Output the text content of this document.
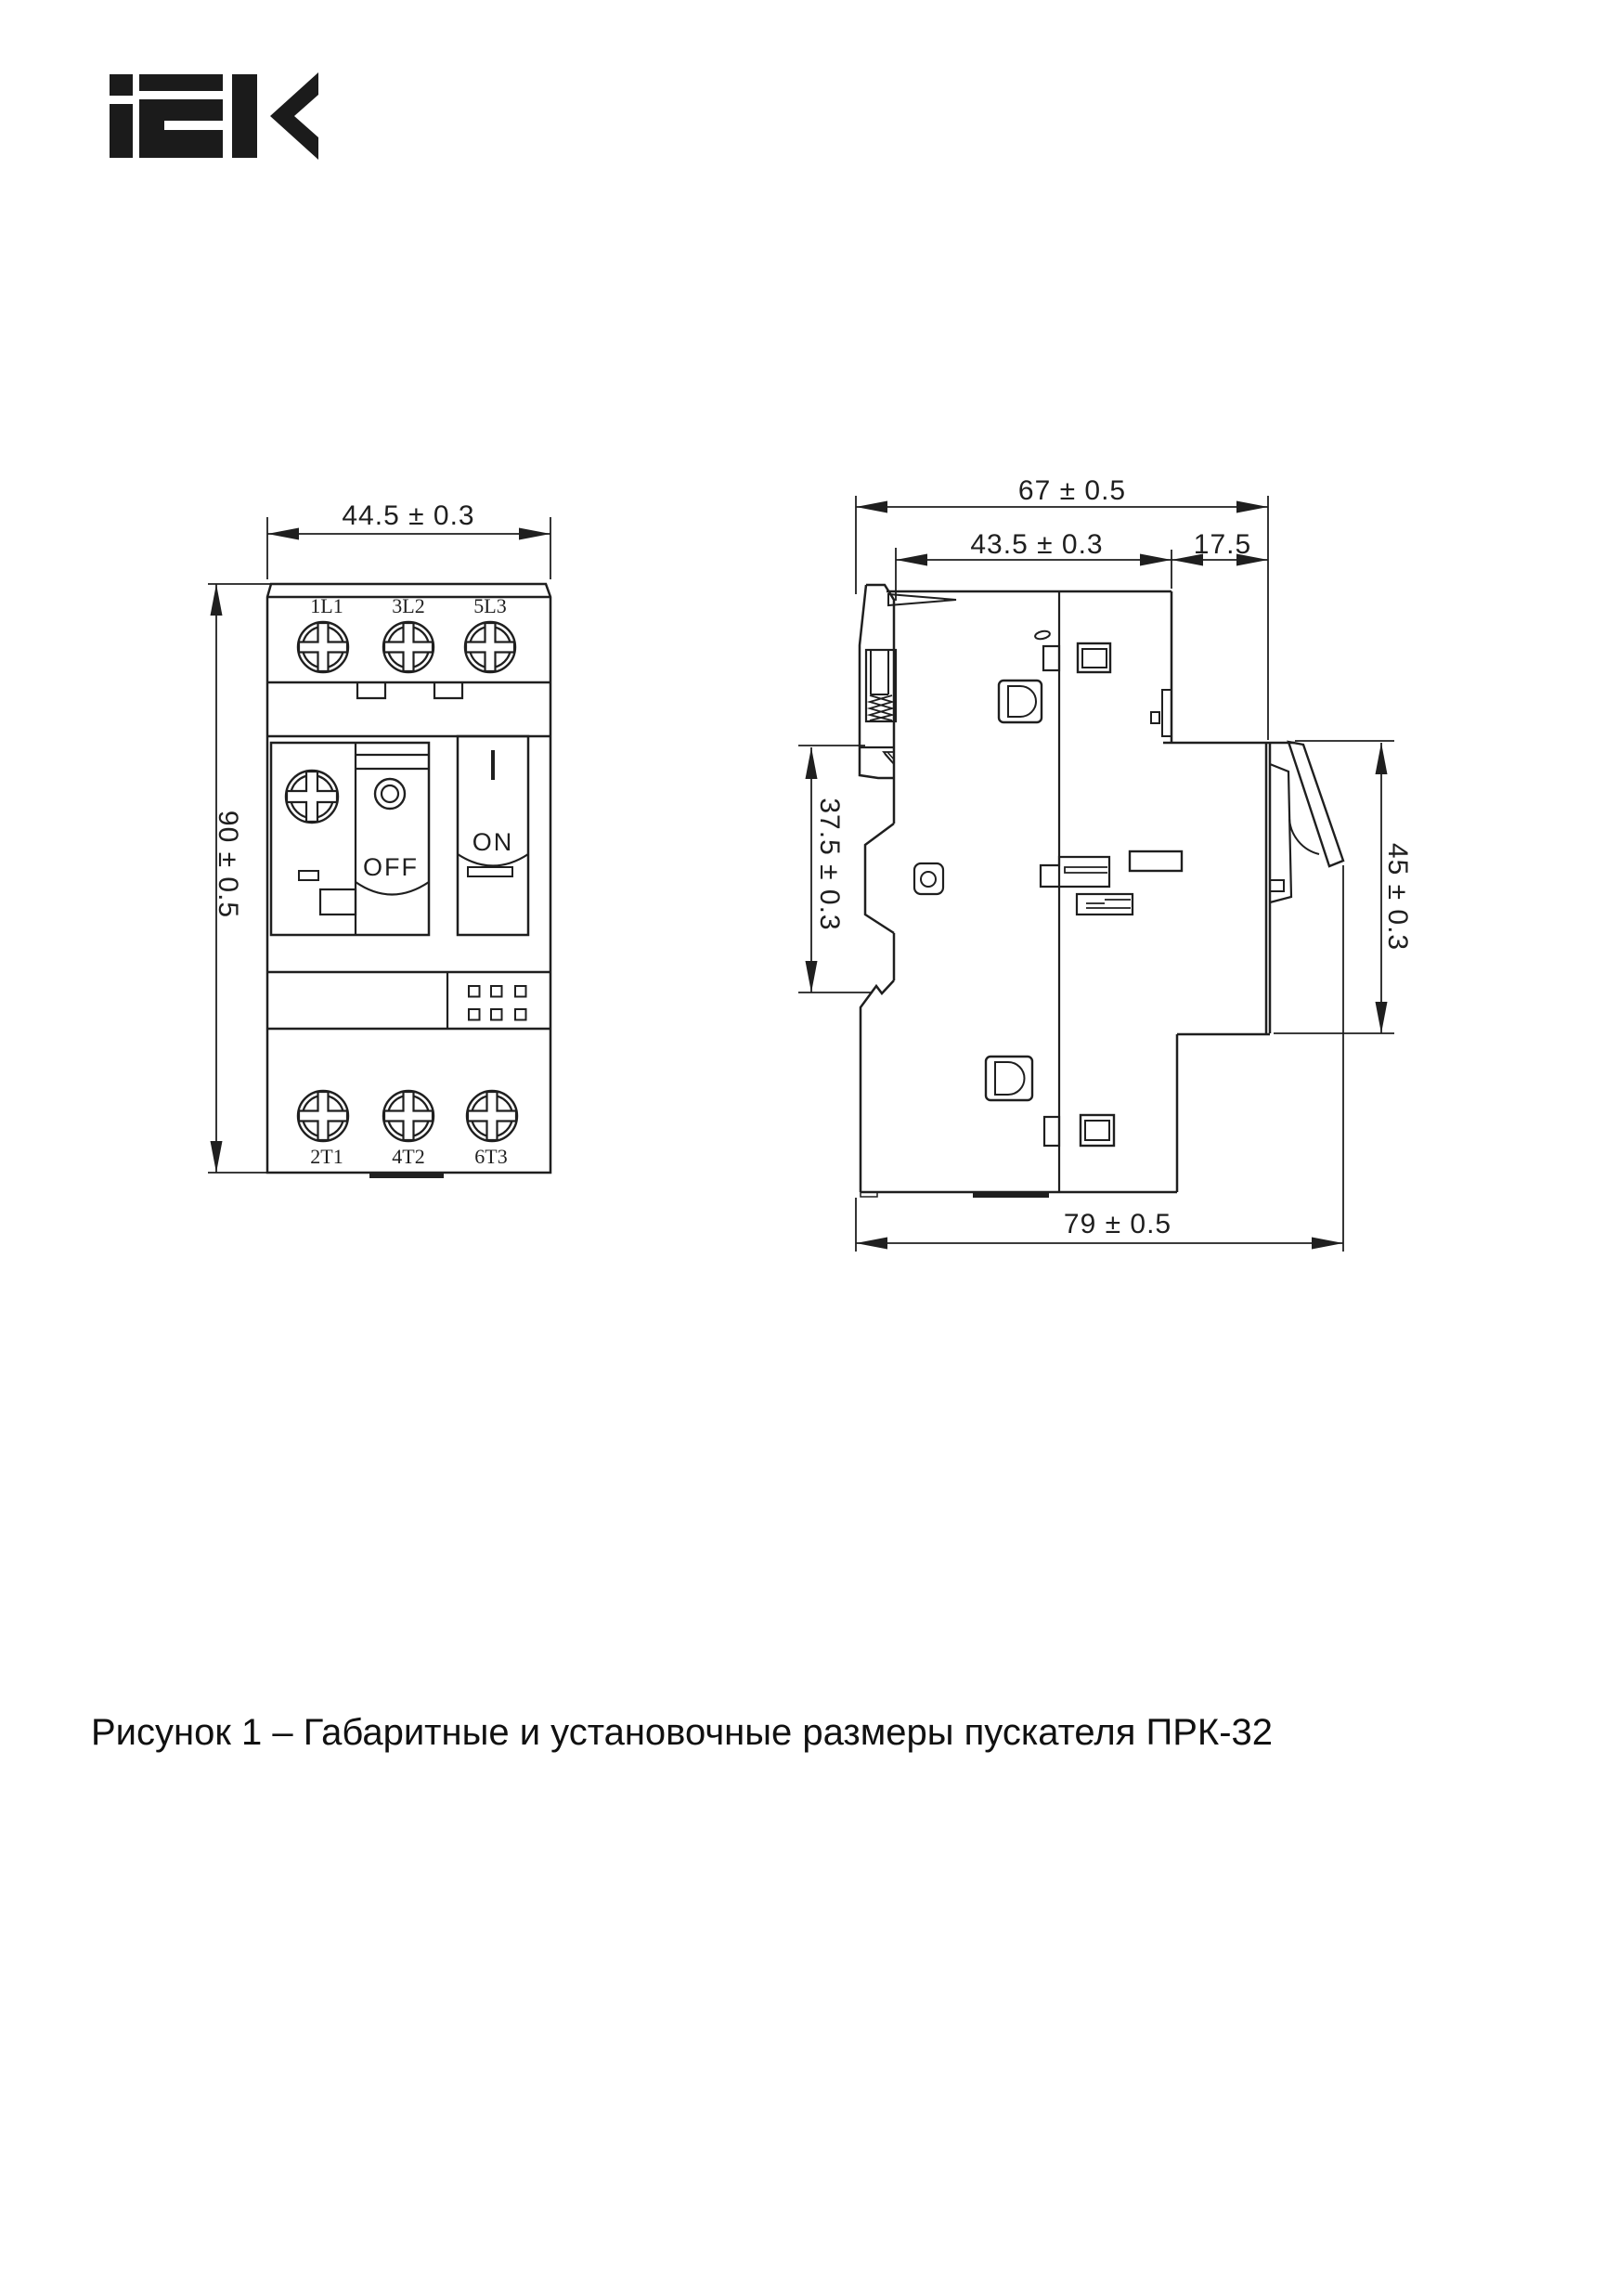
1L1 3L2 5L3
2T1 4T2 6T3
OFF
ON
44.5 ± 0.3
90 ± 0.5
67 ± 0.5
43.5 ± 0.3	17.5
37.5 ± 0.3	45 ± 0.3
79 ± 0.5
Рисунок 1 – Габаритные и установочные размеры пускателя ПРК-32
